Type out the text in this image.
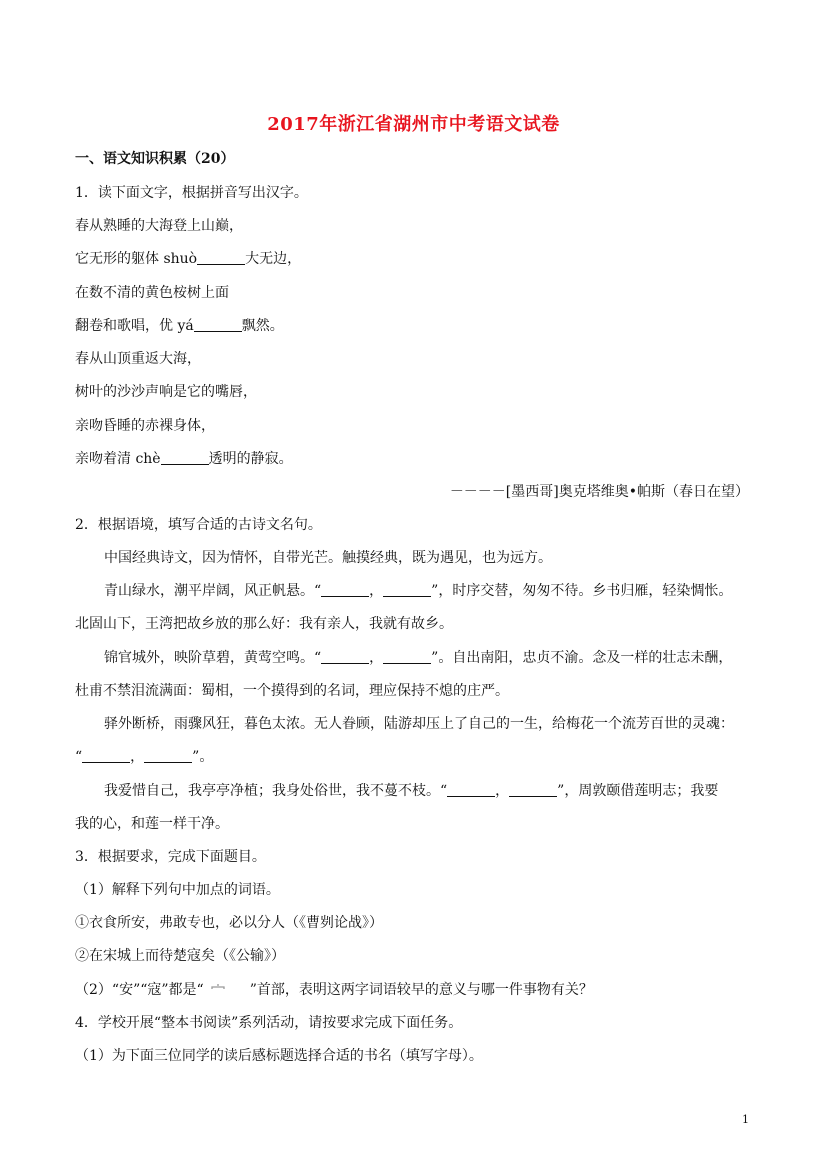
2017年浙江省湖州市中考语文试卷
一、语文知识积累（20）
1．读下面文字，根据拼音写出汉字。
春从熟睡的大海登上山巅，
它无形的躯体 shuò	大无边，
在数不清的黄色桉树上面
翻卷和歌唱，优 yá	飘然。
春从山顶重返大海，
树叶的沙沙声响是它的嘴唇，
亲吻昏睡的赤裸身体，
亲吻着清 chè	透明的静寂。
－－－－[墨西哥]奥克塔维奥•帕斯（春日在望）
2．根据语境，填写合适的古诗文名句。
中国经典诗文，因为情怀，自带光芒。触摸经典，既为遇见，也为远方。
青山绿水，潮平岸阔，风正帆悬。“	，	”，时序交替，匆匆不待。乡书归雁，轻染惆怅。
北固山下，王湾把故乡放的那么好：我有亲人，我就有故乡。
锦官城外，映阶草碧，黄莺空鸣。“	，	”。自出南阳，忠贞不渝。念及一样的壮志未酬，
杜甫不禁泪流满面：蜀相，一个摸得到的名词，理应保持不熄的庄严。
驿外断桥，雨骤风狂，暮色太浓。无人眷顾，陆游却压上了自己的一生，给梅花一个流芳百世的灵魂：
“	，	”。
我爱惜自己，我亭亭净植；我身处俗世，我不蔓不枝。“	，	”，周敦颐借莲明志；我要
我的心，和莲一样干净。
3．根据要求，完成下面题目。
（1）解释下列句中加点的词语。
①衣食所安，弗敢专也，必以分人（《曹刿论战》）
②在宋城上而待楚寇矣（《公输》）
（2）“安”“寇”都是“	”首部，表明这两字词语较早的意义与哪一件事物有关？
4．学校开展“整本书阅读”系列活动，请按要求完成下面任务。
（1）为下面三位同学的读后感标题选择合适的书名（填写字母）。
1
